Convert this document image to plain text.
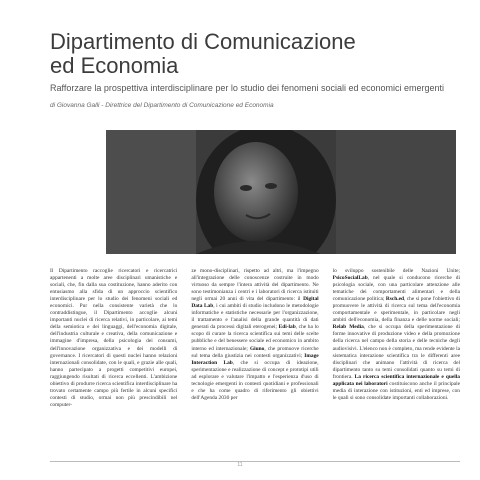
Dipartimento di Comunicazione
ed Economia
Rafforzare la prospettiva interdisciplinare per lo studio dei fenomeni sociali ed economici emergenti
di Giovanna Galli - Direttrice del Dipartimento di Comunicazione ed Economia
Il Dipartimento raccoglie ricercatori e ricercatrici appartenenti a molte aree disciplinari umanistiche e sociali, che, fin dalla sua costituzione, hanno aderito con entusiasmo alla sfida di un approccio scientifico interdisciplinare per lo studio dei fenomeni sociali ed economici. Pur nella consistente varietà che lo contraddistingue, il Dipartimento accoglie alcuni importanti nuclei di ricerca relativi, in particolare, ai temi della semiotica e dei linguaggi, dell'economia digitale, dell'industria culturale e creativa, della comunicazione e immagine d'impresa, della psicologia dei consumi, dell'innovazione organizzativa e dei modelli di governance. I ricercatori di questi nuclei hanno relazioni internazionali consolidate, con le quali, e grazie alle quali, hanno partecipato a progetti competitivi europei, raggiungendo risultati di ricerca eccellenti. L'ambizione obiettivo di produrre ricerca scientifica interdisciplinare ha trovato certamente campo più fertile in alcuni specifici contesti di studio, ormai non più prescindibili nel computer-
ze mono-disciplinari, rispetto ad altri, ma l'impegno all'integrazione delle conoscenze costruite in modo virtuoso da sempre l'intera attività del dipartimento. Ne sono testimonianza i centri e i laboratori di ricerca istituiti negli ormai 20 anni di vita del dipartimento: il Digital Data Lab, i cui ambiti di studio includono le metodologie informatiche e statistiche necessarie per l'organizzazione, il trattamento e l'analisi della grande quantità di dati generati da processi digitali eterogenei; Edi-lab, che ha lo scopo di curare la ricerca scientifica sui temi delle scelte pubbliche e del benessere sociale ed economico in ambito interno ed internazionale; Giuno, che promuove ricerche sul tema della giustizia nei contesti organizzativi; Image Interaction Lab, che si occupa di ideazione, sperimentazione e realizzazione di concept e prototipi utili ad esplorare e valutare l'impatto e l'esperienza d'uso di tecnologie emergenti in contesti quotidiani e professionali e che ha come quadro di riferimento gli obiettivi dell'Agenda 2030 per
lo sviluppo sostenibile delle Nazioni Unite; PsicoSocialLab, nel quale si conducono ricerche di psicologia sociale, con una particolare attenzione alle tematiche dei comportamenti alimentari e della comunicazione politica; Rsch.ed, che si pone l'obiettivo di promuovere le attività di ricerca sul tema dell'economia comportamentale e sperimentale, in particolare negli ambiti dell'economia, della finanza e delle norme sociali; Relab Media, che si occupa della sperimentazione di forme innovative di produzione video e della promozione della ricerca nel campo della storia e delle tecniche degli audiovisivi. L'elenco non è completo, ma rende evidente la sistematica interazione scientifica tra le differenti aree disciplinari che animano l'attività di ricerca del dipartimento tanto su temi consolidati quanto su temi di frontiera. La ricerca scientifica internazionale e quella applicata nei laboratori costituiscono anche il principale media di interazione con istituzioni, enti ed imprese, con le quali si sono consolidate importanti collaborazioni.
11
